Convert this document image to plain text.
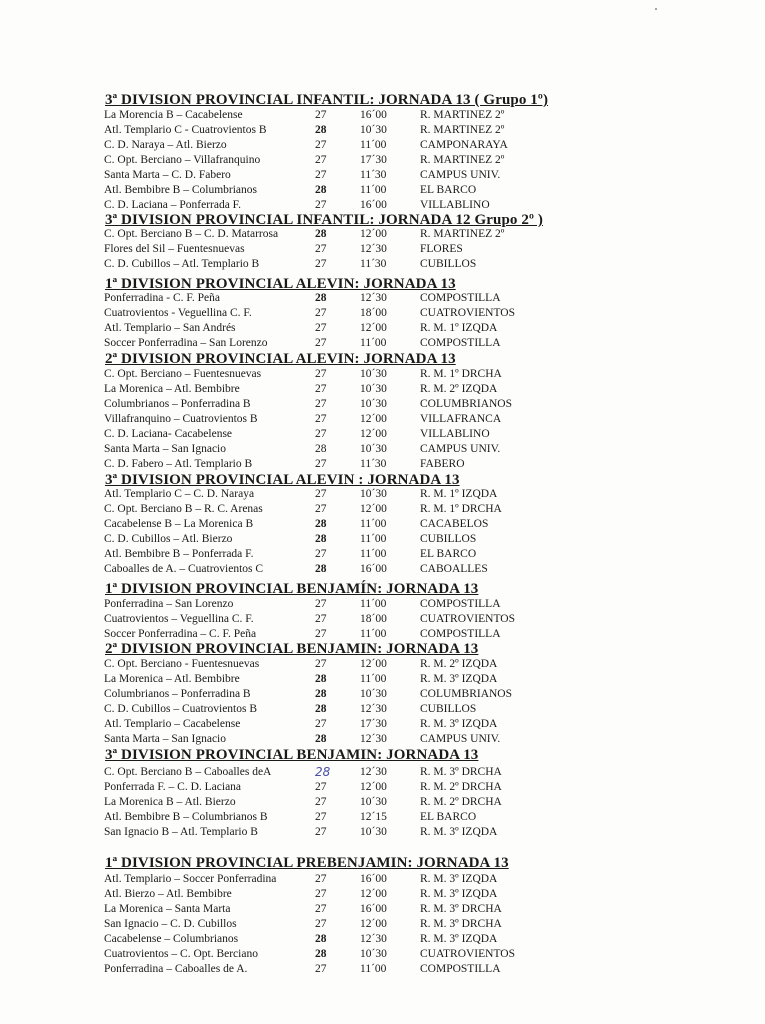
3ª DIVISION PROVINCIAL INFANTIL: JORNADA 13 ( Grupo 1º)
La Morencia B – Cacabelense	27	16´00	R. MARTINEZ 2º
Atl. Templario C - Cuatrovientos B	28	10´30	R. MARTINEZ 2º
C. D. Naraya – Atl. Bierzo	27	11´00	CAMPONARAYA
C. Opt. Berciano – Villafranquino	27	17´30	R. MARTINEZ 2º
Santa Marta – C. D. Fabero	27	11´30	CAMPUS UNIV.
Atl. Bembibre B – Columbrianos	28	11´00	EL BARCO
C. D. Laciana – Ponferrada F.	27	16´00	VILLABLINO
3ª DIVISION PROVINCIAL INFANTIL: JORNADA 12 Grupo 2º )
C. Opt. Berciano B – C. D. Matarrosa	28	12´00	R. MARTINEZ 2º
Flores del Sil – Fuentesnuevas	27	12´30	FLORES
C. D. Cubillos – Atl. Templario B	27	11´30	CUBILLOS
1ª DIVISION PROVINCIAL ALEVIN: JORNADA 13
Ponferradina - C. F. Peña	28	12´30	COMPOSTILLA
Cuatrovientos - Veguellina C. F.	27	18´00	CUATROVIENTOS
Atl. Templario – San Andrés	27	12´00	R. M. 1º IZQDA
Soccer Ponferradina – San Lorenzo	27	11´00	COMPOSTILLA
2ª DIVISION PROVINCIAL ALEVIN: JORNADA 13
C. Opt. Berciano – Fuentesnuevas	27	10´30	R. M. 1º DRCHA
La Morenica – Atl. Bembibre	27	10´30	R. M. 2º IZQDA
Columbrianos – Ponferradina B	27	10´30	COLUMBRIANOS
Villafranquino – Cuatrovientos B	27	12´00	VILLAFRANCA
C. D. Laciana- Cacabelense	27	12´00	VILLABLINO
Santa Marta – San Ignacio	28	10´30	CAMPUS UNIV.
C. D. Fabero – Atl. Templario B	27	11´30	FABERO
3ª DIVISION PROVINCIAL ALEVIN : JORNADA 13
Atl. Templario C – C. D. Naraya	27	10´30	R. M. 1º IZQDA
C. Opt. Berciano B – R. C. Arenas	27	12´00	R. M. 1º DRCHA
Cacabelense B – La Morenica B	28	11´00	CACABELOS
C. D. Cubillos – Atl. Bierzo	28	11´00	CUBILLOS
Atl. Bembibre B – Ponferrada F.	27	11´00	EL BARCO
Caboalles de A. – Cuatrovientos C	28	16´00	CABOALLES
1ª DIVISION PROVINCIAL BENJAMÍN: JORNADA 13
Ponferradina – San Lorenzo	27	11´00	COMPOSTILLA
Cuatrovientos – Veguellina C. F.	27	18´00	CUATROVIENTOS
Soccer Ponferradina – C. F. Peña	27	11´00	COMPOSTILLA
2ª DIVISION PROVINCIAL BENJAMIN: JORNADA 13
C. Opt. Berciano - Fuentesnuevas	27	12´00	R. M. 2º IZQDA
La Morenica – Atl. Bembibre	28	11´00	R. M. 3º IZQDA
Columbrianos – Ponferradina B	28	10´30	COLUMBRIANOS
C. D. Cubillos – Cuatrovientos B	28	12´30	CUBILLOS
Atl. Templario – Cacabelense	27	17´30	R. M. 3º IZQDA
Santa Marta – San Ignacio	28	12´30	CAMPUS UNIV.
3ª DIVISION PROVINCIAL BENJAMIN: JORNADA 13
C. Opt. Berciano B – Caboalles deA	28	12´30	R. M. 3º DRCHA
Ponferrada F. – C. D. Laciana	27	12´00	R. M. 2º DRCHA
La Morenica B – Atl. Bierzo	27	10´30	R. M. 2º DRCHA
Atl. Bembibre B – Columbrianos B	27	12´15	EL BARCO
San Ignacio B – Atl. Templario B	27	10´30	R. M. 3º IZQDA
1ª DIVISION PROVINCIAL PREBENJAMIN: JORNADA 13
Atl. Templario – Soccer Ponferradina	27	16´00	R. M. 3º IZQDA
Atl. Bierzo – Atl. Bembibre	27	12´00	R. M. 3º IZQDA
La Morenica – Santa Marta	27	16´00	R. M. 3º DRCHA
San Ignacio – C. D. Cubillos	27	12´00	R. M. 3º DRCHA
Cacabelense – Columbrianos	28	12´30	R. M. 3º IZQDA
Cuatrovientos – C. Opt. Berciano	28	10´30	CUATROVIENTOS
Ponferradina – Caboalles de A.	27	11´00	COMPOSTILLA
